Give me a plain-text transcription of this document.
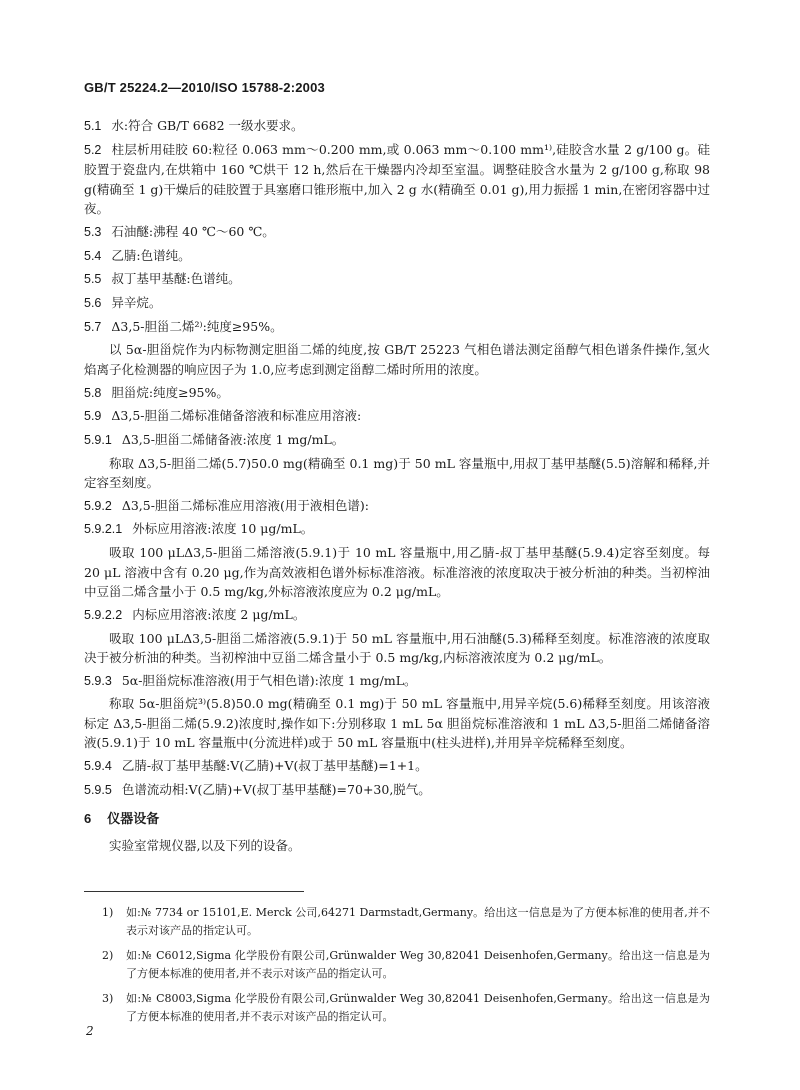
GB/T 25224.2—2010/ISO 15788-2:2003

5.1 水:符合 GB/T 6682 一级水要求。

5.2 柱层析用硅胶 60:粒径 0.063 mm～0.200 mm,或 0.063 mm～0.100 mm¹⁾,硅胶含水量 2 g/100 g。硅胶置于瓷盘内,在烘箱中 160 ℃烘干 12 h,然后在干燥器内冷却至室温。调整硅胶含水量为 2 g/100 g,称取 98 g(精确至 1 g)干燥后的硅胶置于具塞磨口锥形瓶中,加入 2 g 水(精确至 0.01 g),用力振摇 1 min,在密闭容器中过夜。

5.3 石油醚:沸程 40 ℃～60 ℃。

5.4 乙腈:色谱纯。

5.5 叔丁基甲基醚:色谱纯。

5.6 异辛烷。

5.7 Δ3,5-胆甾二烯²⁾:纯度≥95%。

以 5α-胆甾烷作为内标物测定胆甾二烯的纯度,按 GB/T 25223 气相色谱法测定甾醇气相色谱条件操作,氢火焰离子化检测器的响应因子为 1.0,应考虑到测定甾醇二烯时所用的浓度。

5.8 胆甾烷:纯度≥95%。

5.9 Δ3,5-胆甾二烯标准储备溶液和标准应用溶液:

5.9.1 Δ3,5-胆甾二烯储备液:浓度 1 mg/mL。

称取 Δ3,5-胆甾二烯(5.7)50.0 mg(精确至 0.1 mg)于 50 mL 容量瓶中,用叔丁基甲基醚(5.5)溶解和稀释,并定容至刻度。

5.9.2 Δ3,5-胆甾二烯标准应用溶液(用于液相色谱):

5.9.2.1 外标应用溶液:浓度 10 μg/mL。

吸取 100 μLΔ3,5-胆甾二烯溶液(5.9.1)于 10 mL 容量瓶中,用乙腈-叔丁基甲基醚(5.9.4)定容至刻度。每 20 μL 溶液中含有 0.20 μg,作为高效液相色谱外标标准溶液。标准溶液的浓度取决于被分析油的种类。当初榨油中豆甾二烯含量小于 0.5 mg/kg,外标溶液浓度应为 0.2 μg/mL。

5.9.2.2 内标应用溶液:浓度 2 μg/mL。

吸取 100 μLΔ3,5-胆甾二烯溶液(5.9.1)于 50 mL 容量瓶中,用石油醚(5.3)稀释至刻度。标准溶液的浓度取决于被分析油的种类。当初榨油中豆甾二烯含量小于 0.5 mg/kg,内标溶液浓度为 0.2 μg/mL。

5.9.3 5α-胆甾烷标准溶液(用于气相色谱):浓度 1 mg/mL。

称取 5α-胆甾烷³⁾(5.8)50.0 mg(精确至 0.1 mg)于 50 mL 容量瓶中,用异辛烷(5.6)稀释至刻度。用该溶液标定 Δ3,5-胆甾二烯(5.9.2)浓度时,操作如下:分别移取 1 mL 5α 胆甾烷标准溶液和 1 mL Δ3,5-胆甾二烯储备溶液(5.9.1)于 10 mL 容量瓶中(分流进样)或于 50 mL 容量瓶中(柱头进样),并用异辛烷稀释至刻度。

5.9.4 乙腈-叔丁基甲基醚:V(乙腈)+V(叔丁基甲基醚)=1+1。

5.9.5 色谱流动相:V(乙腈)+V(叔丁基甲基醚)=70+30,脱气。

6 仪器设备

实验室常规仪器,以及下列的设备。

1)	如:№ 7734 or 15101,E. Merck 公司,64271 Darmstadt,Germany。给出这一信息是为了方便本标准的使用者,并不表示对该产品的指定认可。
2)	如:№ C6012,Sigma 化学股份有限公司,Grünwalder Weg 30,82041 Deisenhofen,Germany。给出这一信息是为了方便本标准的使用者,并不表示对该产品的指定认可。
3)	如:№ C8003,Sigma 化学股份有限公司,Grünwalder Weg 30,82041 Deisenhofen,Germany。给出这一信息是为了方便本标准的使用者,并不表示对该产品的指定认可。
2
